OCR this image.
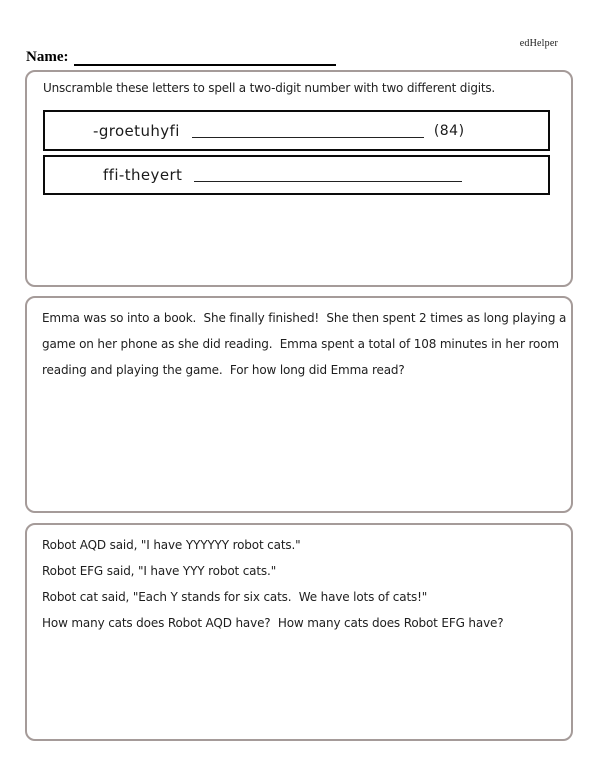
edHelper
Name:
Unscramble these letters to spell a two-digit number with two different digits.
-groetuhyfi	(84)
ffi-theyert
Emma was so into a book.  She finally finished!  She then spent 2 times as long playing a
game on her phone as she did reading.  Emma spent a total of 108 minutes in her room
reading and playing the game.  For how long did Emma read?
Robot AQD said, "I have YYYYYY robot cats."
Robot EFG said, "I have YYY robot cats."
Robot cat said, "Each Y stands for six cats.  We have lots of cats!"
How many cats does Robot AQD have?  How many cats does Robot EFG have?
